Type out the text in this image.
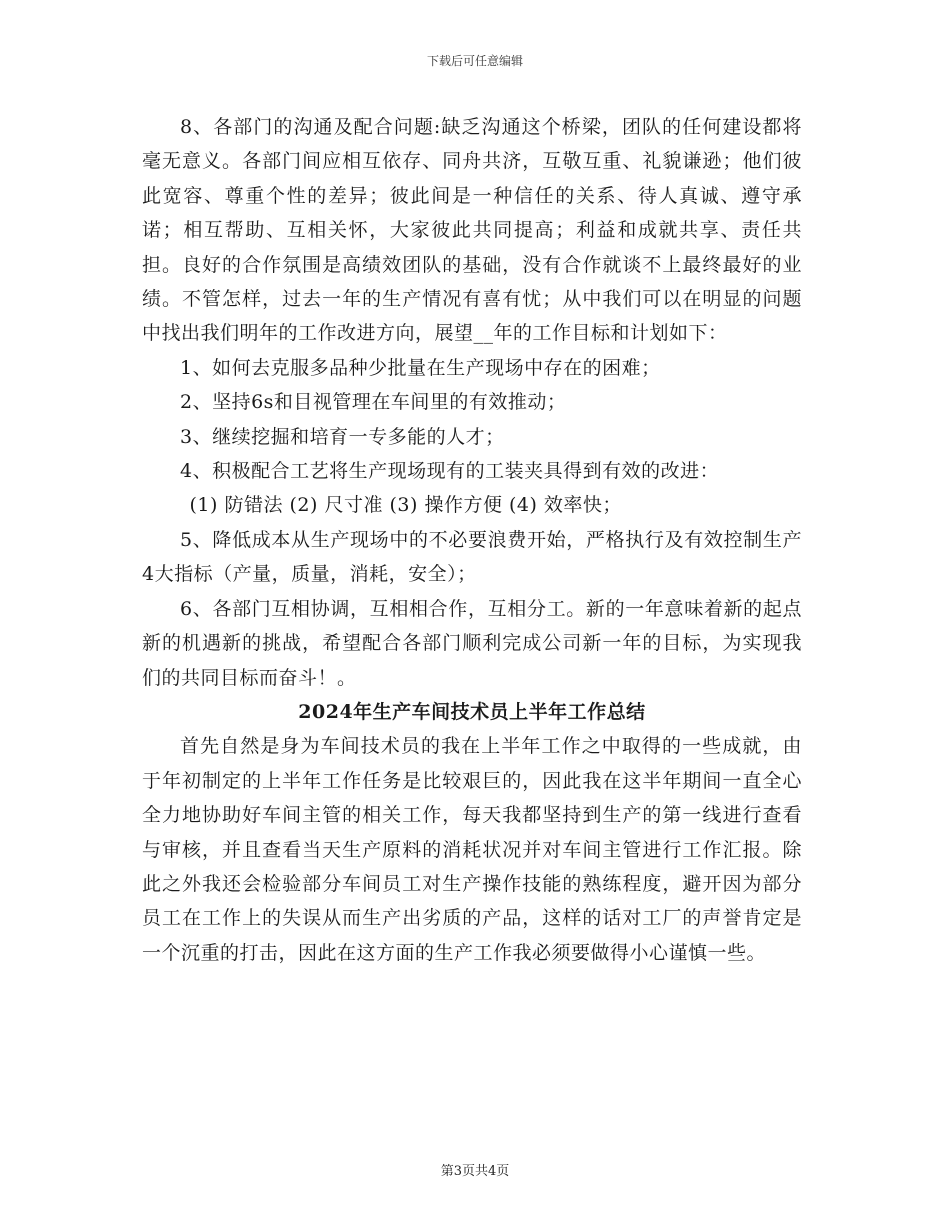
下载后可任意编辑

8、各部门的沟通及配合问题:缺乏沟通这个桥梁，团队的任何建设都将毫无意义。各部门间应相互依存、同舟共济，互敬互重、礼貌谦逊；他们彼此宽容、尊重个性的差异；彼此间是一种信任的关系、待人真诚、遵守承诺；相互帮助、互相关怀，大家彼此共同提高；利益和成就共享、责任共担。良好的合作氛围是高绩效团队的基础，没有合作就谈不上最终最好的业绩。不管怎样，过去一年的生产情况有喜有忧；从中我们可以在明显的问题中找出我们明年的工作改进方向，展望__年的工作目标和计划如下：

1、如何去克服多品种少批量在生产现场中存在的困难；

2、坚持6s和目视管理在车间里的有效推动；

3、继续挖掘和培育一专多能的人才；

4、积极配合工艺将生产现场现有的工装夹具得到有效的改进：

(1) 防错法 (2) 尺寸准 (3) 操作方便 (4) 效率快；

5、降低成本从生产现场中的不必要浪费开始，严格执行及有效控制生产4大指标（产量，质量，消耗，安全）；

6、各部门互相协调，互相相合作，互相分工。新的一年意味着新的起点新的机遇新的挑战，希望配合各部门顺利完成公司新一年的目标，为实现我们的共同目标而奋斗！。

2024年生产车间技术员上半年工作总结

首先自然是身为车间技术员的我在上半年工作之中取得的一些成就，由于年初制定的上半年工作任务是比较艰巨的，因此我在这半年期间一直全心全力地协助好车间主管的相关工作，每天我都坚持到生产的第一线进行查看与审核，并且查看当天生产原料的消耗状况并对车间主管进行工作汇报。除此之外我还会检验部分车间员工对生产操作技能的熟练程度，避开因为部分员工在工作上的失误从而生产出劣质的产品，这样的话对工厂的声誉肯定是一个沉重的打击，因此在这方面的生产工作我必须要做得小心谨慎一些。

第3页共4页
